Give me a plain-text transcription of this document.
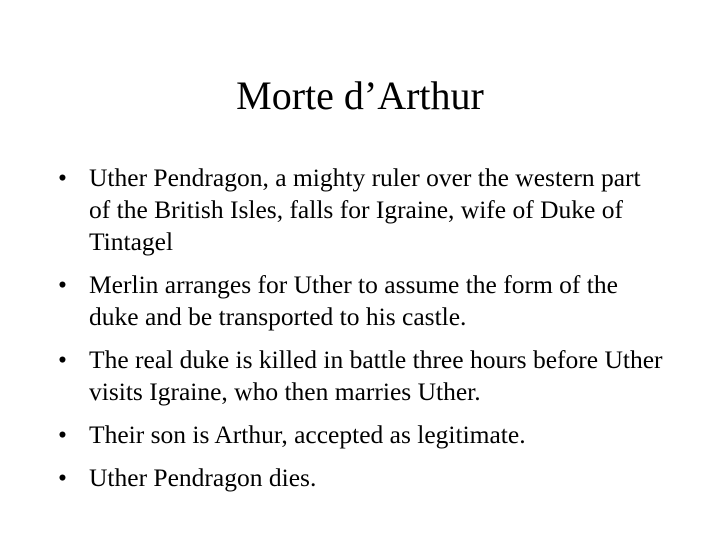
Morte d’Arthur
• Uther Pendragon, a mighty ruler over the western part of the British Isles, falls for Igraine, wife of Duke of Tintagel
• Merlin arranges for Uther to assume the form of the duke and be transported to his castle.
• The real duke is killed in battle three hours before Uther visits Igraine, who then marries Uther.
• Their son is Arthur, accepted as legitimate.
• Uther Pendragon dies.
